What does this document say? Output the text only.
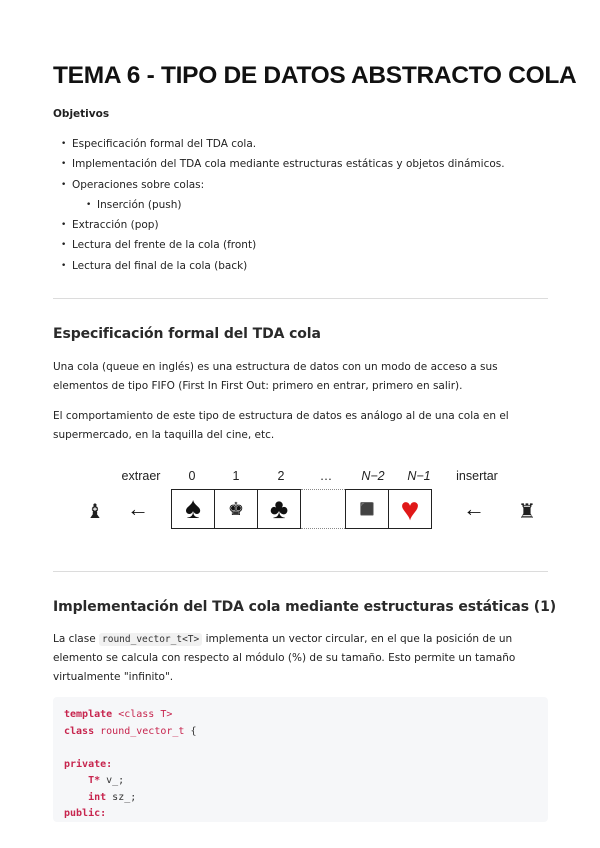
TEMA 6 - TIPO DE DATOS ABSTRACTO COLA
Objetivos
• Especificación formal del TDA cola.
• Implementación del TDA cola mediante estructuras estáticas y objetos dinámicos.
• Operaciones sobre colas:
• Inserción (push)
• Extracción (pop)
• Lectura del frente de la cola (front)
• Lectura del final de la cola (back)
Especificación formal del TDA cola

Una cola (queue en inglés) es una estructura de datos con un modo de acceso a sus

elementos de tipo FIFO (First In First Out: primero en entrar, primero en salir).

El comportamiento de este tipo de estructura de datos es análogo al de una cola en el

supermercado, en la taquilla del cine, etc.

extraer	0	1	2	…	N−2	N−1	insertar
♝ ← ♠ ♚ ♣	⬛ ♥ ← ♜
Implementación del TDA cola mediante estructuras estáticas (1)

La clase round_vector_t<T> implementa un vector circular, en el que la posición de un

elemento se calcula con respecto al módulo (%) de su tamaño. Esto permite un tamaño

virtualmente "infinito".

template <class T>
class round_vector_t {

private:
T* v_;
int sz_;
public:
